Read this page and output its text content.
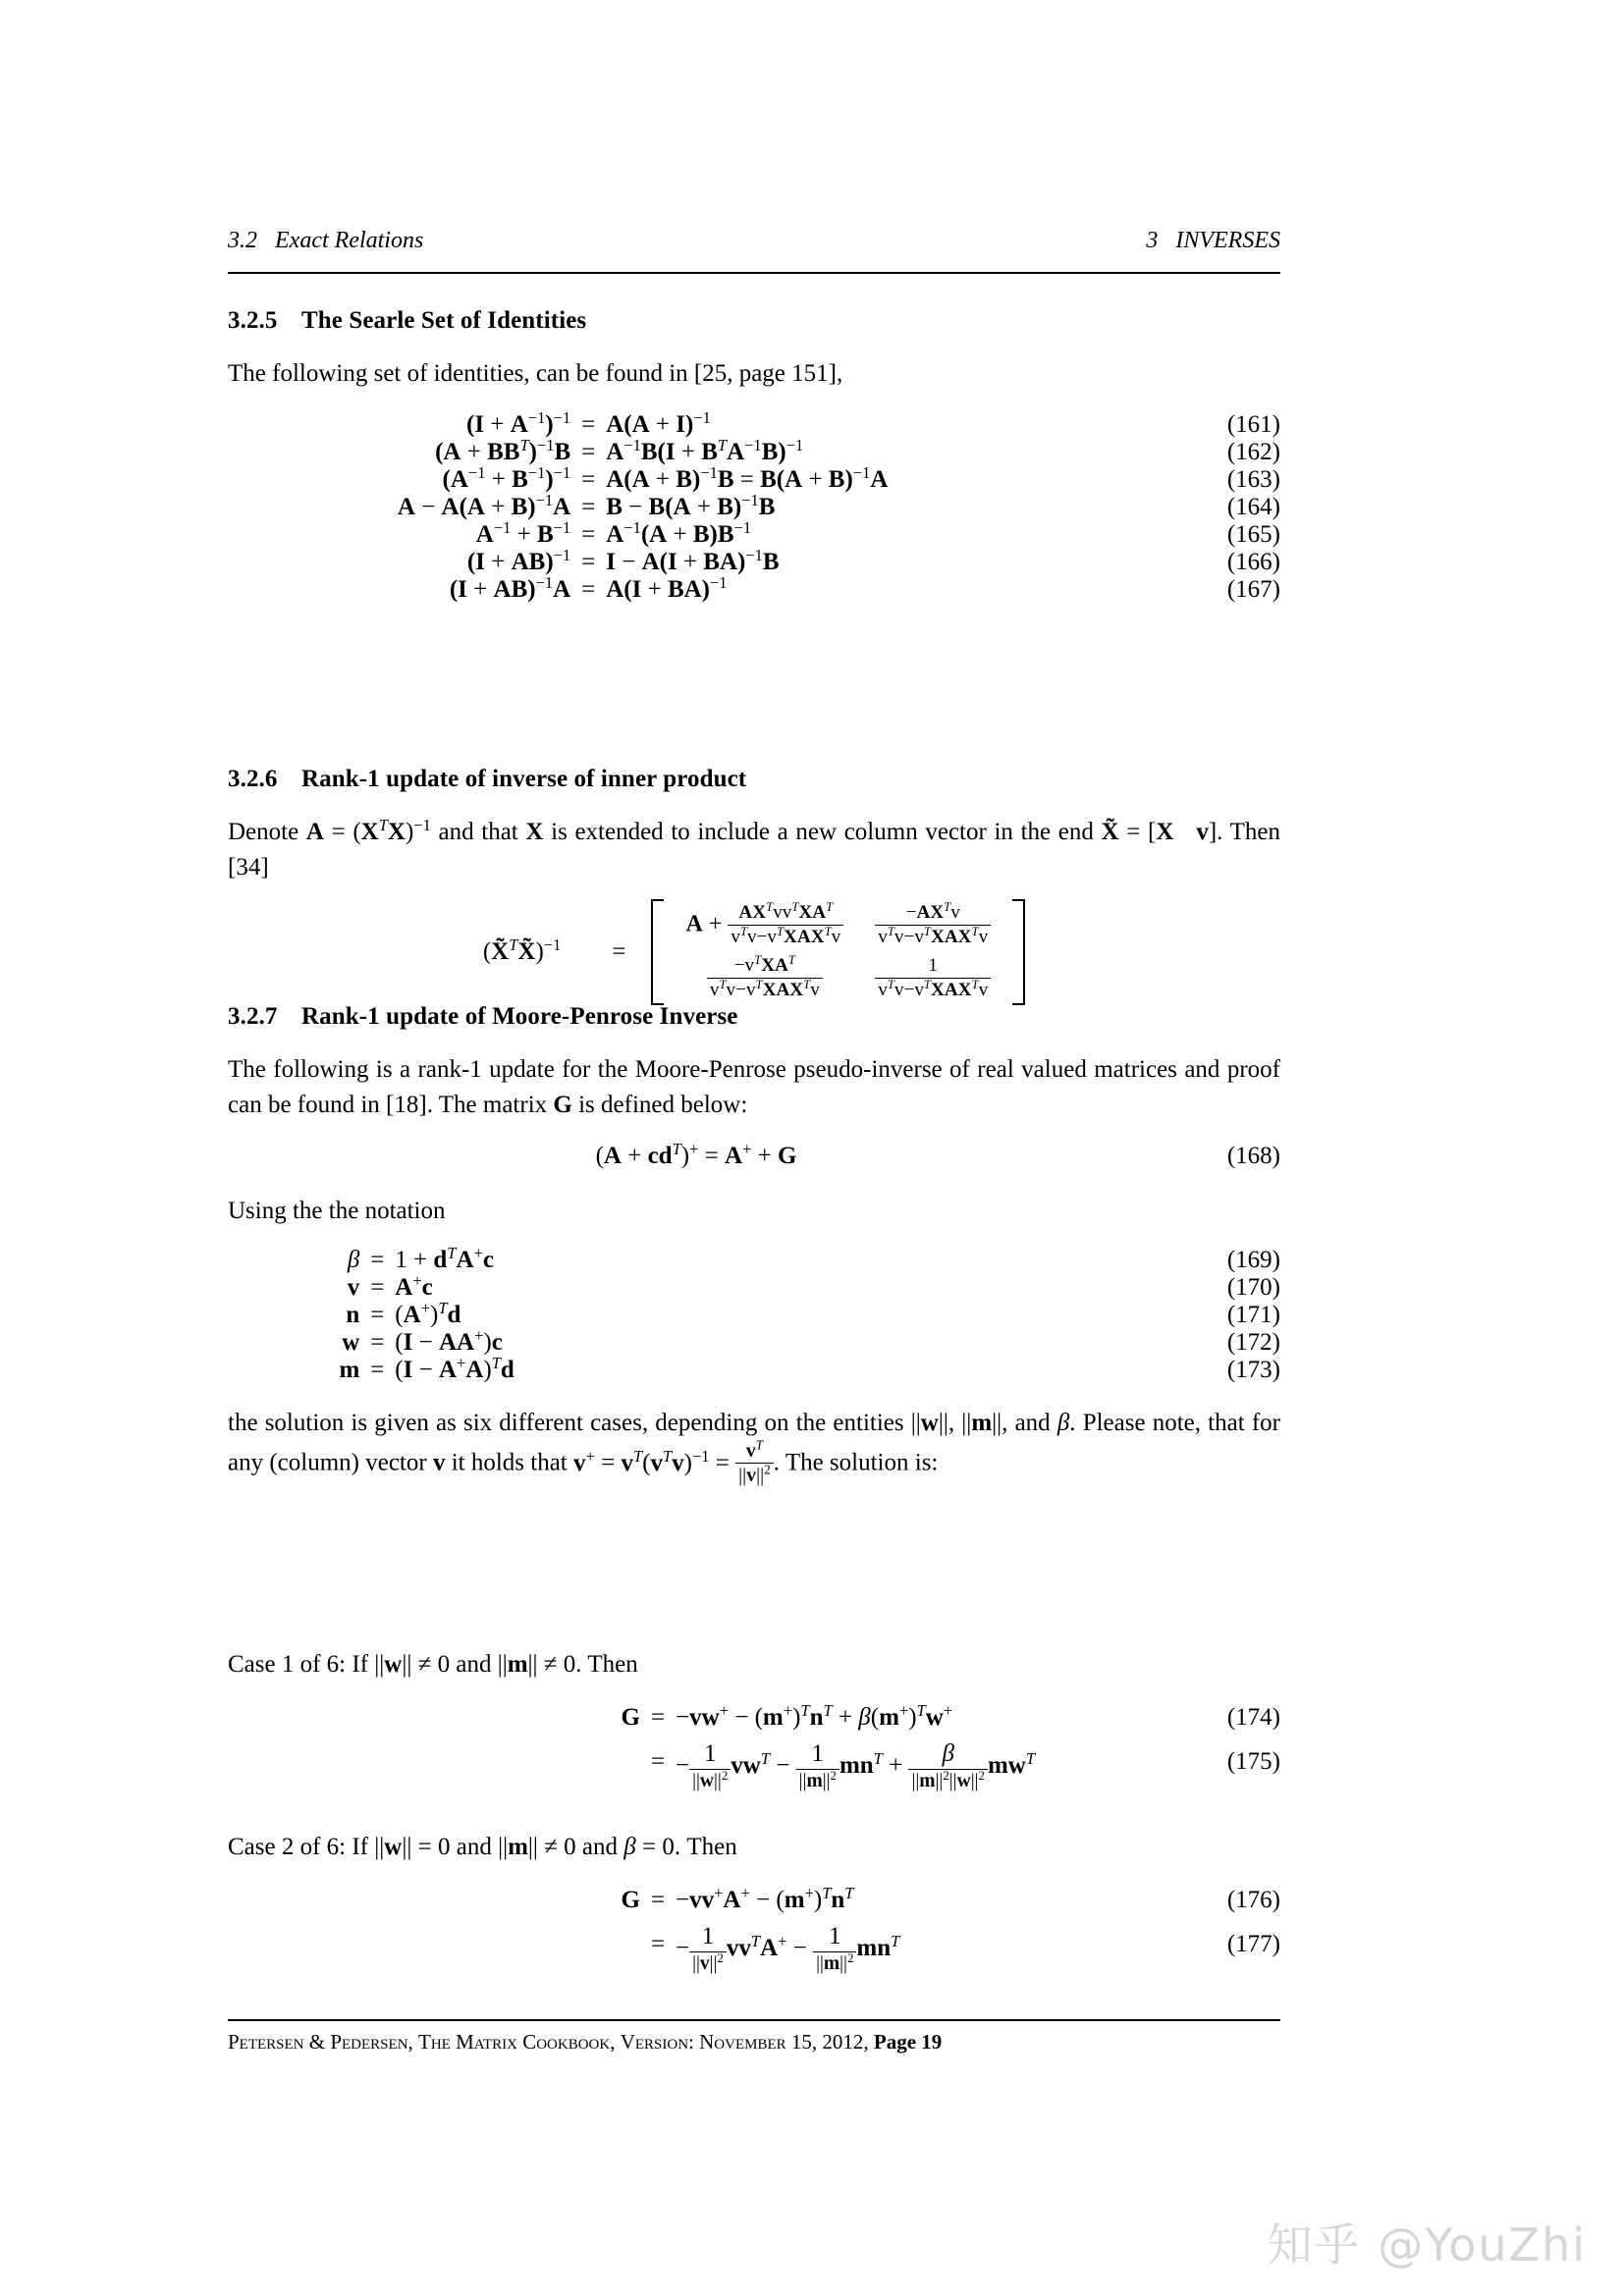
3.2   Exact Relations	3   INVERSES
3.2.5 The Searle Set of Identities

The following set of identities, can be found in [25, page 151],

$(I + A^{-1})^{-1}$	=	$A(A + I)^{-1}$	(161)
$(A + BB^T)^{-1}B$	=	$A^{-1}B(I + B^TA^{-1}B)^{-1}$	(162)
$(A^{-1} + B^{-1})^{-1}$	=	$A(A + B)^{-1}B = B(A + B)^{-1}A$	(163)
$A - A(A + B)^{-1}A$	=	$B - B(A + B)^{-1}B$	(164)
$A^{-1} + B^{-1}$	=	$A^{-1}(A + B)B^{-1}$	(165)
(I + AB)$^{-1}$	=	I − A(I + BA)$^{-1}$B	(166)
(I + AB)$^{-1}$A	=	A(I + BA)$^{-1}$	(167)
3.2.6 Rank-1 update of inverse of inner product

Denote $A = (X^TX)^{-1}$ and that X is extended to include a new column vector in the end X̃ = [X v]. Then [34]

(X̃$^T$X̃)$^{-1}$	=	
$A + \frac{AX^Tvv^TXA^T}{v^Tv-v^TXAX^Tv}$	$\frac{-AX^Tv}{v^Tv-v^TXAX^Tv}$

$\frac{-v^TXA^T}{v^Tv-v^TXAX^Tv}$	$\frac{1}{v^Tv-v^TXAX^Tv}$
3.2.7 Rank-1 update of Moore-Penrose Inverse

The following is a rank-1 update for the Moore-Penrose pseudo-inverse of real valued matrices and proof can be found in [18]. The matrix G is defined below:

$(A + cd^T)^+ = A^+ + G$	(168)

Using the the notation

β	=	$1 + d^TA^+c$	(169)
v	=	A+c	(170)
n	=	$(A^+)^Td$	(171)
w	=	(I − AA+)c	(172)
m	=	$(I - A^+A)^Td$	(173)

the solution is given as six different cases, depending on the entities ||w||, ||m||, and β. Please note, that for any (column) vector v it holds that $v^+ = v^T(v^Tv)^{-1} = \frac{v^T}{||v||^2}$ . The solution is:

Case 1 of 6: If ||w|| ≠ 0 and ||m|| ≠ 0. Then

G	=	$-vw^+ - (m^+)^Tn^T + \beta(m^+)^Tw^+$	(174)
	=	− $\frac{1}{||w||^2} vw^T - \frac{1}{||m||^2} mn^T + \frac{\beta}{||m||^2||w||^2} mw^T$	(175)

Case 2 of 6: If ||w|| = 0 and ||m|| ≠ 0 and β = 0. Then

G	=	$-vv^+A^+ - (m^+)^Tn^T$	(176)
	=	− $\frac{1}{||v||^2} vv^TA^+ - \frac{1}{||m||^2} mn^T$	(177)
Petersen & Pedersen, The Matrix Cookbook, Version: November 15, 2012, Page 19
知乎 @YouZhi
